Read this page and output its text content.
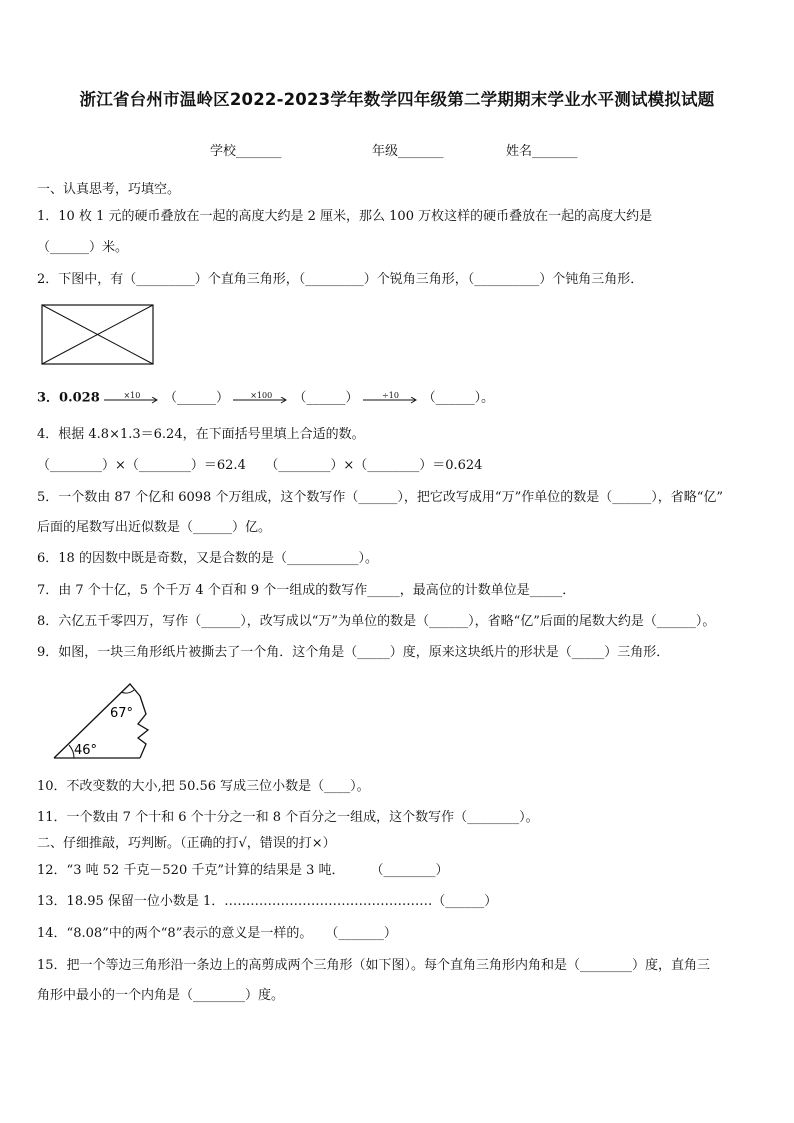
浙江省台州市温岭区2022-2023学年数学四年级第二学期期末学业水平测试模拟试题
学校_______	年级_______	姓名_______
一、认真思考，巧填空。
1．10 枚 1 元的硬币叠放在一起的高度大约是 2 厘米，那么 100 万枚这样的硬币叠放在一起的高度大约是
（______）米。
2．下图中，有（_________）个直角三角形，（_________）个锐角三角形，（__________）个钝角三角形．
3．0.028	×10	（______）	×100	（______）	÷10	（______）。
4．根据 4.8×1.3＝6.24，在下面括号里填上合适的数。
（________）×（________）＝62.4　　（________）×（________）＝0.624
5．一个数由 87 个亿和 6098 个万组成，这个数写作（______），把它改写成用“万”作单位的数是（______），省略“亿”
后面的尾数写出近似数是（______）亿。
6．18 的因数中既是奇数，又是合数的是（___________）。
7．由 7 个十亿，5 个千万 4 个百和 9 个一组成的数写作_____，最高位的计数单位是_____．
8．六亿五千零四万，写作（______），改写成以“万”为单位的数是（______），省略“亿”后面的尾数大约是（______）。
9．如图，一块三角形纸片被撕去了一个角．这个角是（_____）度，原来这块纸片的形状是（_____）三角形．
67°
46°
10．不改变数的大小,把 50.56 写成三位小数是（____）。
11．一个数由 7 个十和 6 个十分之一和 8 个百分之一组成，这个数写作（________）。
二、仔细推敲，巧判断。（正确的打√，错误的打×）
12．“3 吨 52 千克－520 千克”计算的结果是 3 吨．　　　（________）
13．18.95 保留一位小数是 1．…………………………………………（______）
14．“8.08”中的两个“8”表示的意义是一样的。　　（_______）
15．把一个等边三角形沿一条边上的高剪成两个三角形（如下图）。每个直角三角形内角和是（________）度，直角三
角形中最小的一个内角是（________）度。
